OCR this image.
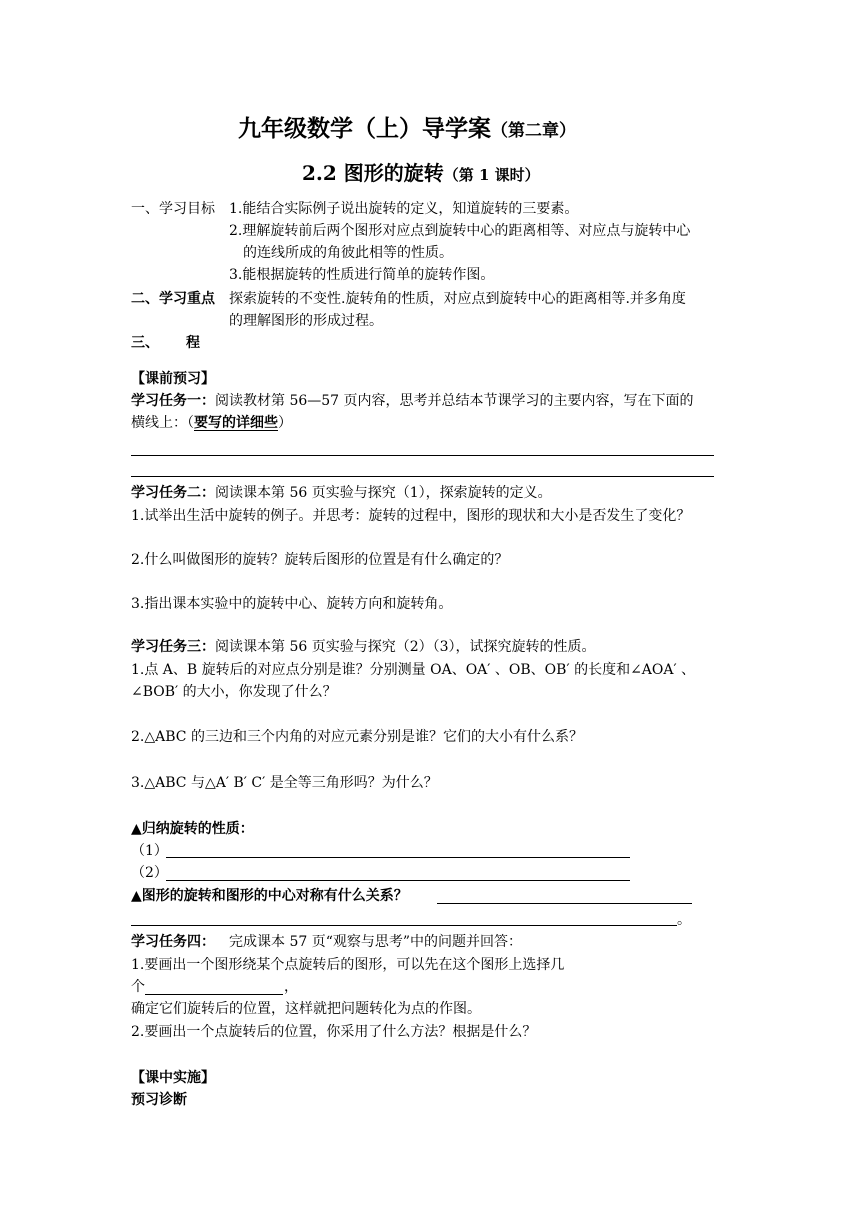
九年级数学（上）导学案（第二章）
2.2 图形的旋转（第 1 课时）
一、学习目标 1.能结合实际例子说出旋转的定义，知道旋转的三要素。
2.理解旋转前后两个图形对应点到旋转中心的距离相等、对应点与旋转中心
的连线所成的角彼此相等的性质。
3.能根据旋转的性质进行简单的旋转作图。
二、学习重点 探索旋转的不变性.旋转角的性质，对应点到旋转中心的距离相等.并多角度
的理解图形的形成过程。
三、 程
【课前预习】
学习任务一：阅读教材第 56—57 页内容，思考并总结本节课学习的主要内容，写在下面的
横线上：（要写的详细些）
学习任务二：阅读课本第 56 页实验与探究（1），探索旋转的定义。
1.试举出生活中旋转的例子。并思考：旋转的过程中，图形的现状和大小是否发生了变化？
2.什么叫做图形的旋转？旋转后图形的位置是有什么确定的？
3.指出课本实验中的旋转中心、旋转方向和旋转角。
学习任务三：阅读课本第 56 页实验与探究（2）（3），试探究旋转的性质。
1.点 A、B 旋转后的对应点分别是谁？分别测量 OA、OA′ 、OB、OB′ 的长度和∠AOA′ 、
∠BOB′ 的大小，你发现了什么？
2.△ABC 的三边和三个内角的对应元素分别是谁？它们的大小有什么系？
3.△ABC 与△A′ B′ C′ 是全等三角形吗？为什么？
▲归纳旋转的性质：
（1）
（2）
▲图形的旋转和图形的中心对称有什么关系？
。
学习任务四： 完成课本 57 页“观察与思考”中的问题并回答：
1.要画出一个图形绕某个点旋转后的图形，可以先在这个图形上选择几
个	，
确定它们旋转后的位置，这样就把问题转化为点的作图。
2.要画出一个点旋转后的位置，你采用了什么方法？根据是什么？
【课中实施】
预习诊断
